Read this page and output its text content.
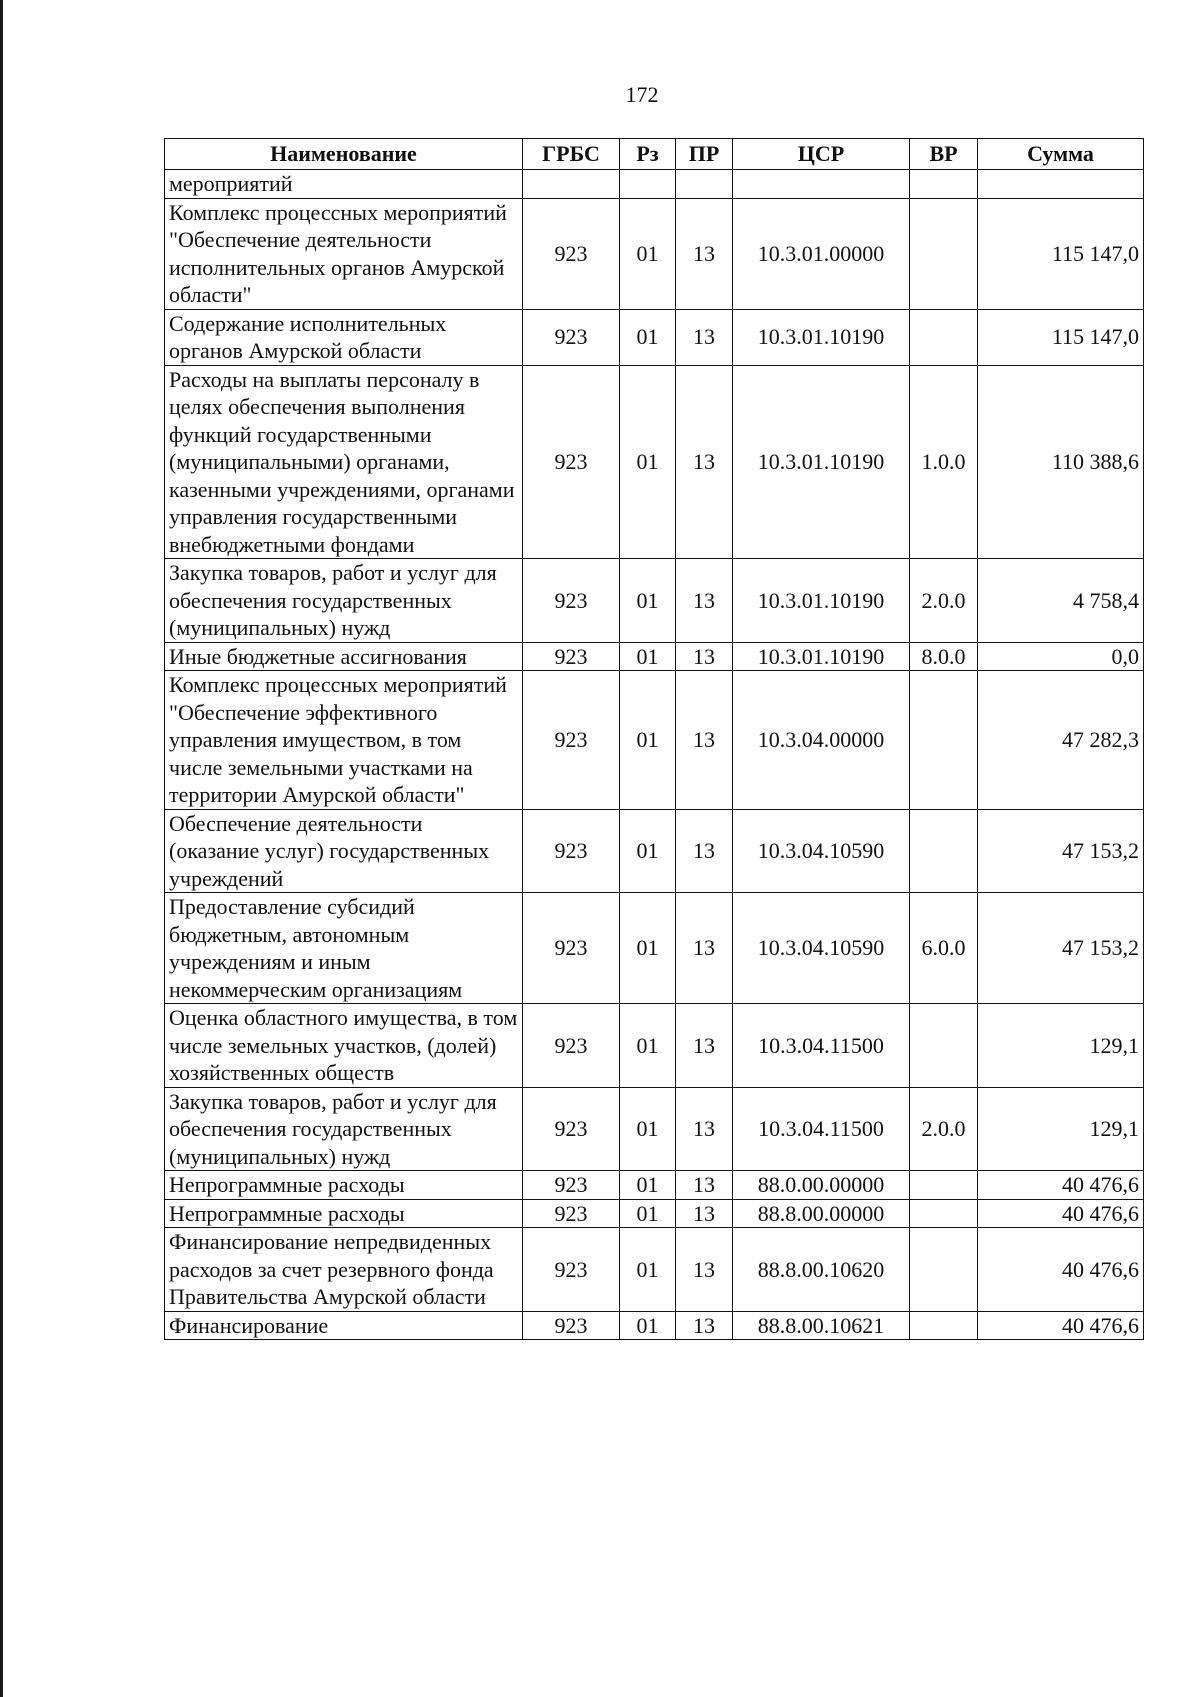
172
Наименование	ГРБС	Рз	ПР	ЦСР	ВР	Сумма
мероприятий						
Комплекс процессных мероприятий "Обеспечение деятельности исполнительных органов Амурской области"	923	01	13	10.3.01.00000		115 147,0
Содержание исполнительных органов Амурской области	923	01	13	10.3.01.10190		115 147,0
Расходы на выплаты персоналу в целях обеспечения выполнения функций государственными (муниципальными) органами, казенными учреждениями, органами управления государственными внебюджетными фондами	923	01	13	10.3.01.10190	1.0.0	110 388,6
Закупка товаров, работ и услуг для обеспечения государственных (муниципальных) нужд	923	01	13	10.3.01.10190	2.0.0	4 758,4
Иные бюджетные ассигнования	923	01	13	10.3.01.10190	8.0.0	0,0
Комплекс процессных мероприятий "Обеспечение эффективного управления имуществом, в том числе земельными участками на территории Амурской области"	923	01	13	10.3.04.00000		47 282,3
Обеспечение деятельности (оказание услуг) государственных учреждений	923	01	13	10.3.04.10590		47 153,2
Предоставление субсидий бюджетным, автономным учреждениям и иным некоммерческим организациям	923	01	13	10.3.04.10590	6.0.0	47 153,2
Оценка областного имущества, в том числе земельных участков, (долей) хозяйственных обществ	923	01	13	10.3.04.11500		129,1
Закупка товаров, работ и услуг для обеспечения государственных (муниципальных) нужд	923	01	13	10.3.04.11500	2.0.0	129,1
Непрограммные расходы	923	01	13	88.0.00.00000		40 476,6
Непрограммные расходы	923	01	13	88.8.00.00000		40 476,6
Финансирование непредвиденных расходов за счет резервного фонда Правительства Амурской области	923	01	13	88.8.00.10620		40 476,6
Финансирование	923	01	13	88.8.00.10621		40 476,6
